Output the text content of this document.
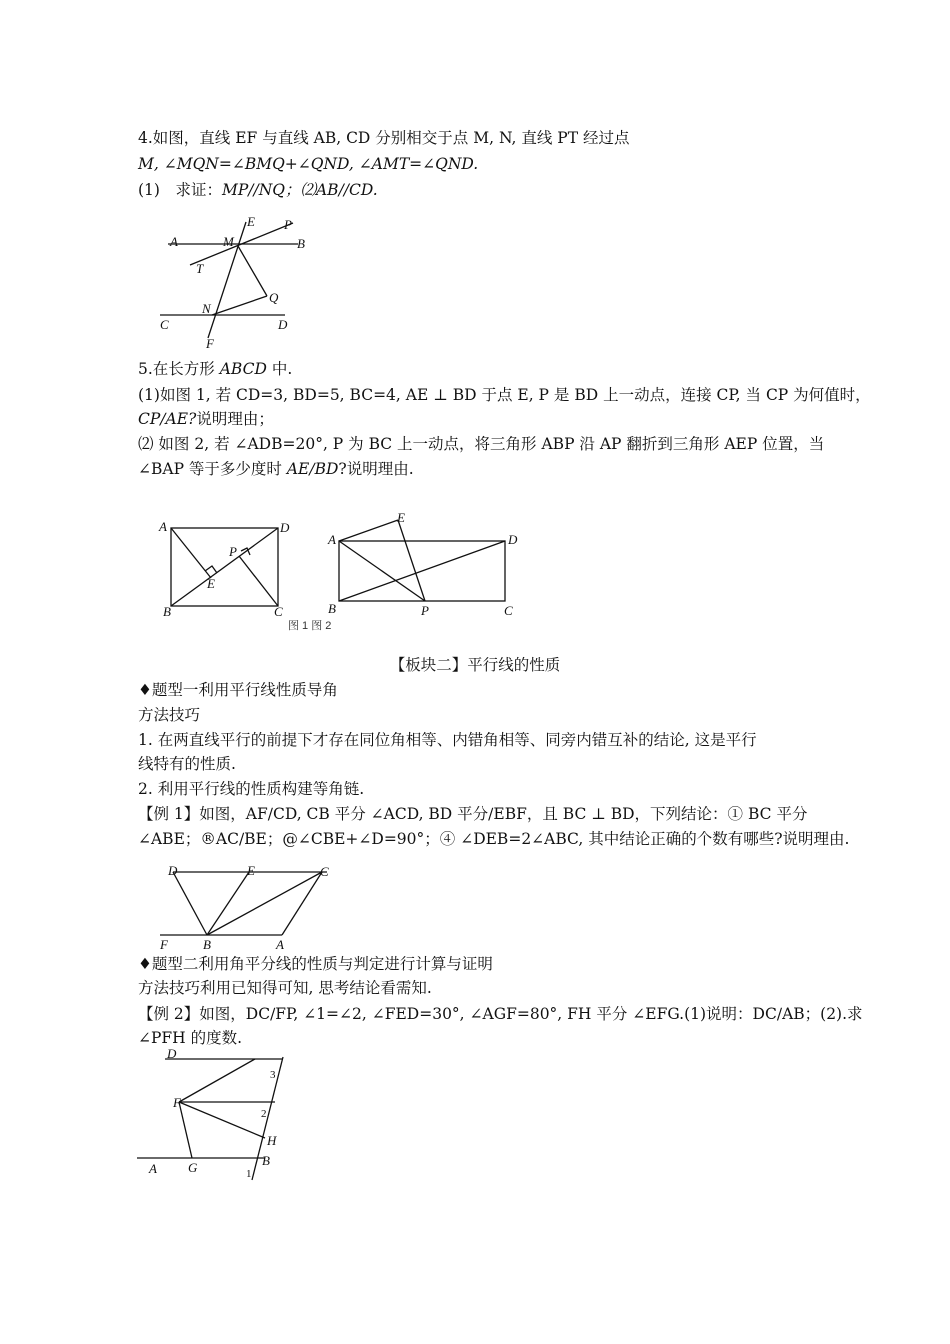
4.如图，直线 EF 与直线 AB, CD 分别相交于点 M, N, 直线 PT 经过点
M, ∠MQN=∠BMQ+∠QND, ∠AMT=∠QND.
(1)　求证：MP//NQ；⑵AB//CD.
A	M
E P
B
T
Q
N
C	D
F
5.在长方形 ABCD 中.
(1)如图 1, 若 CD=3, BD=5, BC=4, AE ⊥ BD 于点 E, P 是 BD 上一动点，连接 CP, 当 CP 为何值时，
CP∕AE?说明理由；
⑵ 如图 2, 若 ∠ADB=20°, P 为 BC 上一动点，将三角形 ABP 沿 AP 翻折到三角形 AEP 位置，当
∠BAP 等于多少度时 AE∕BD?说明理由.
A	D
B	C
E
P
E
A	D
B	P	C
图 1 图 2
【板块二】平行线的性质
♦题型一利用平行线性质导角
方法技巧
1. 在两直线平行的前提下才存在同位角相等、内错角相等、同旁内错互补的结论, 这是平行
线特有的性质.
2. 利用平行线的性质构建等角链.
【例 1】如图，AF∕CD, CB 平分 ∠ACD, BD 平分∕EBF，且 BC ⊥ BD，下列结论：① BC 平分
∠ABE；®AC∕BE；@∠CBE+∠D=90°；④ ∠DEB=2∠ABC, 其中结论正确的个数有哪些?说明理由.
D	E	C
F	B	A
♦题型二利用角平分线的性质与判定进行计算与证明
方法技巧利用已知得可知, 思考结论看需知.
【例 2】如图，DC∕FP, ∠1=∠2, ∠FED=30°, ∠AGF=80°, FH 平分 ∠EFG.(1)说明：DC∕AB；(2).求
∠PFH 的度数.
D
F
A G
H
B
1
2
3
